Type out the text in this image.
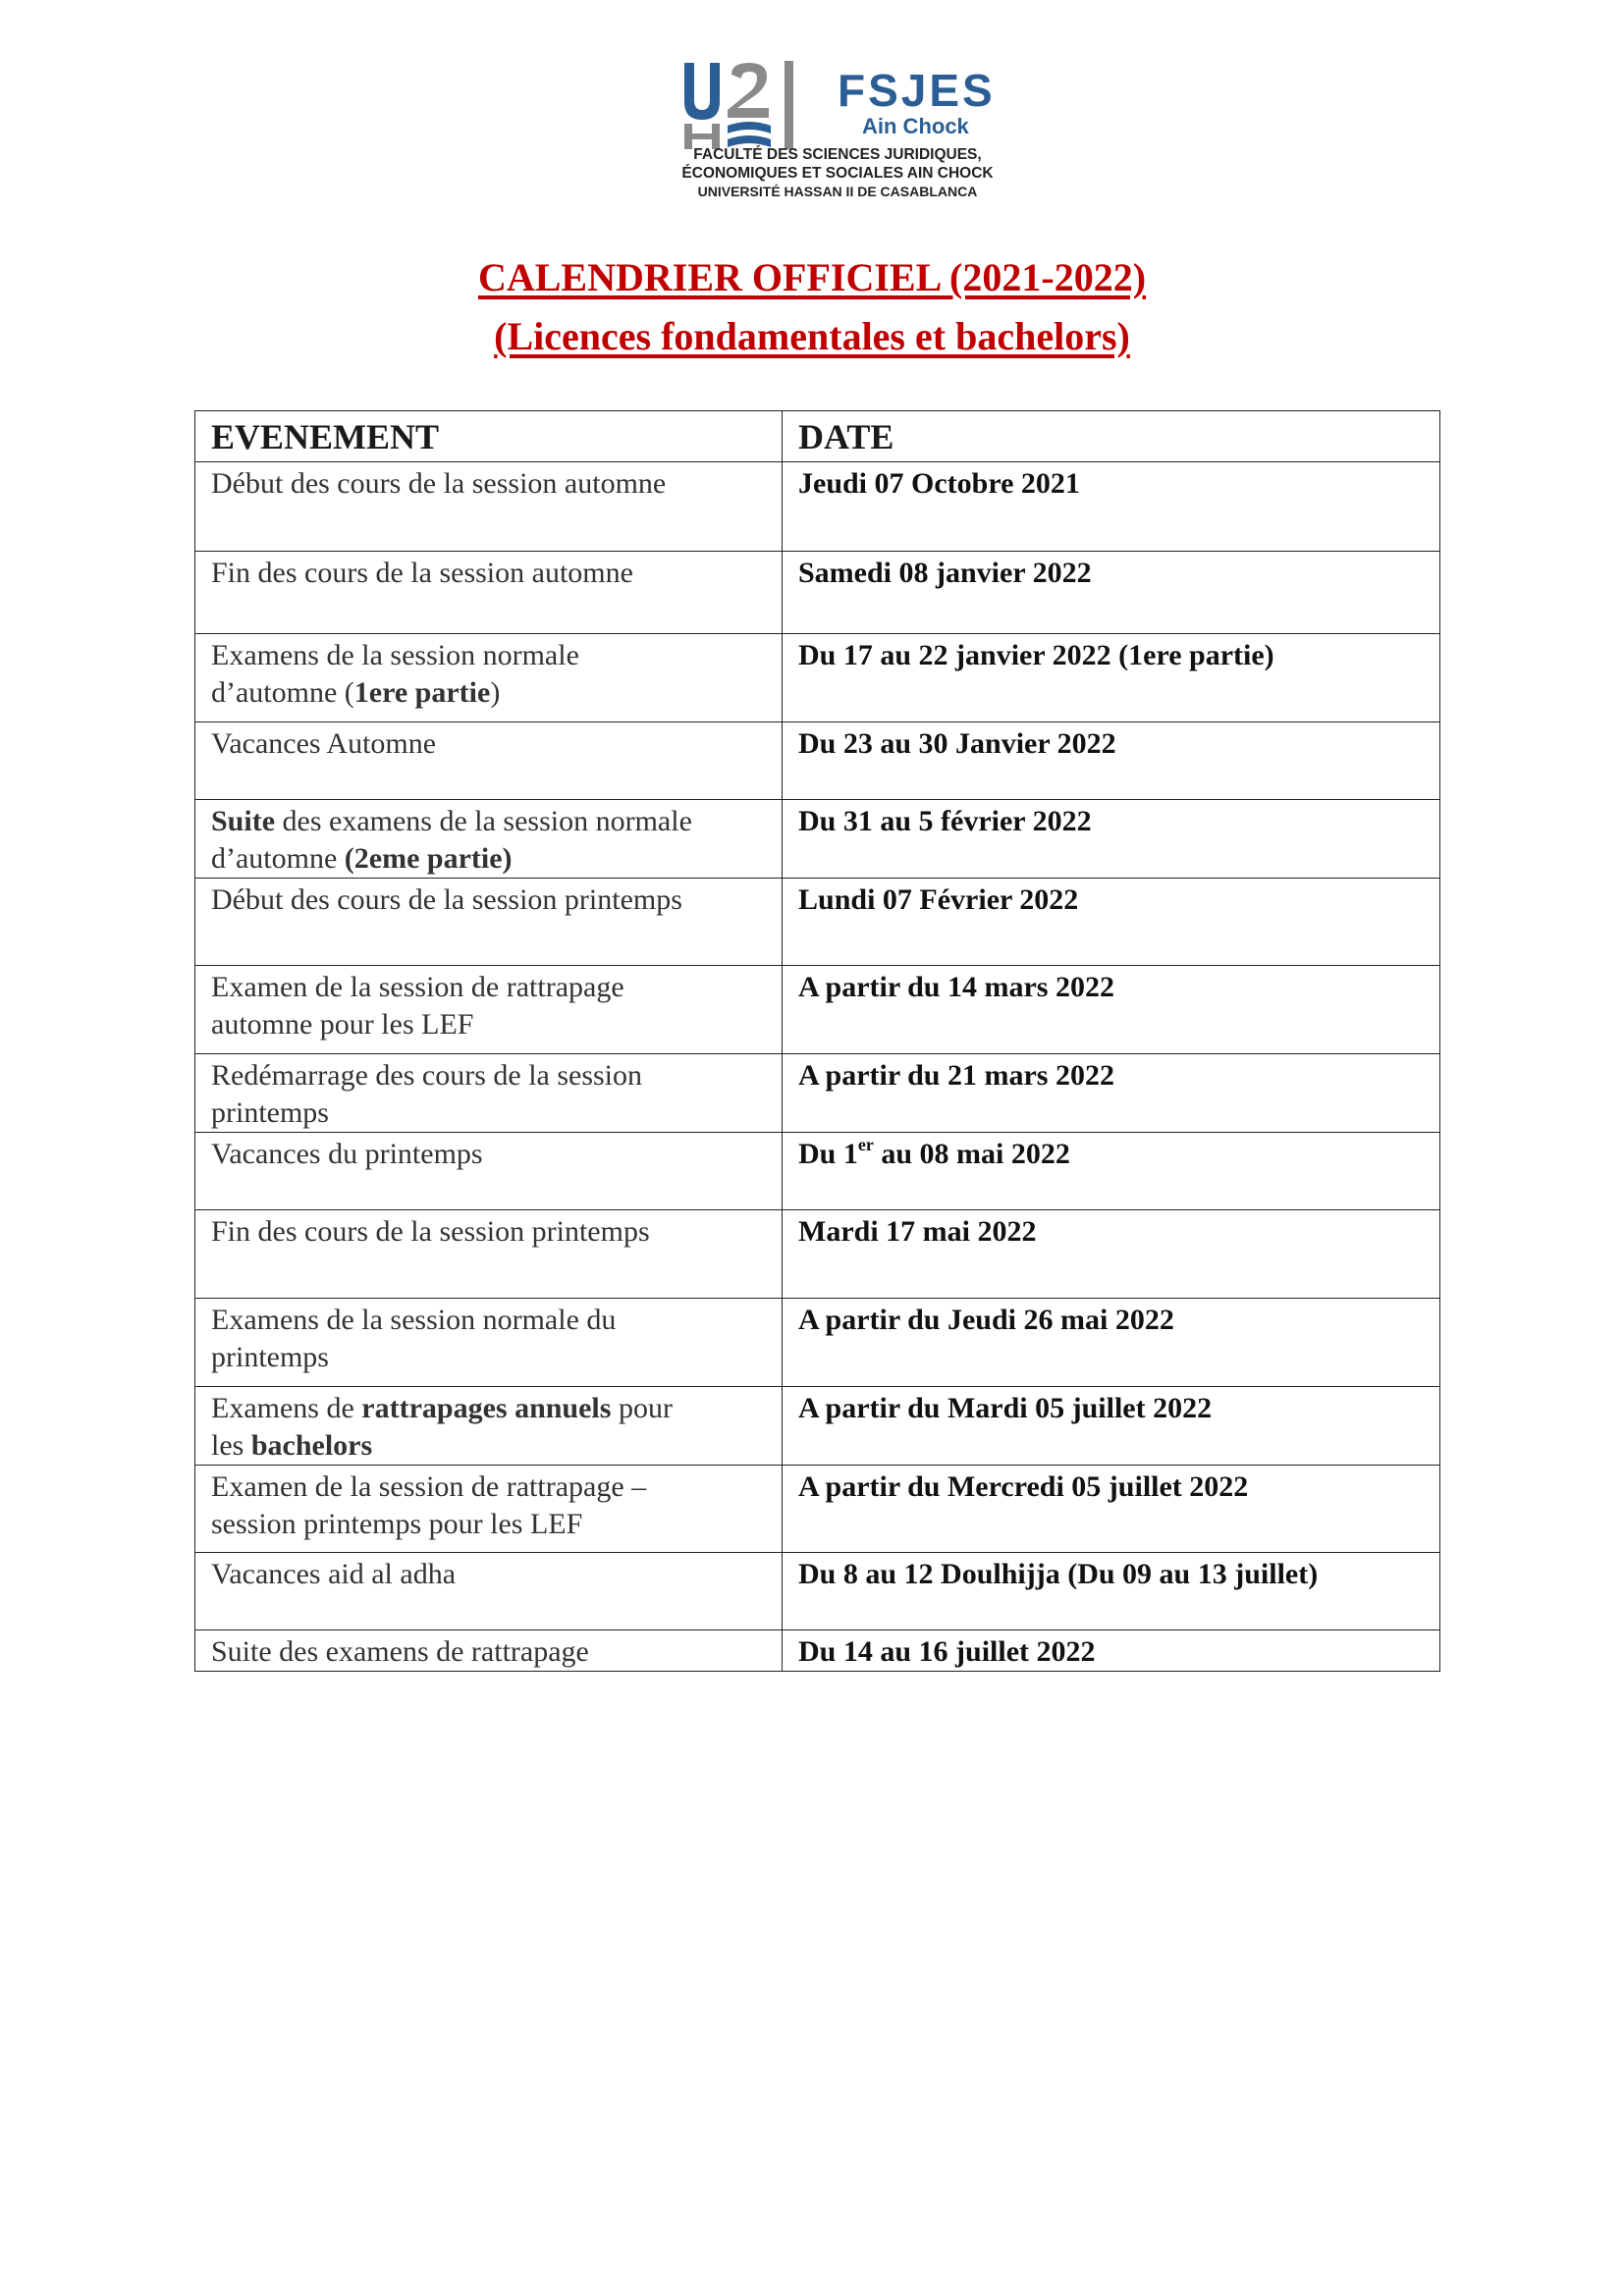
FSJES
Ain Chock
FACULTÉ DES SCIENCES JURIDIQUES,
ÉCONOMIQUES ET SOCIALES AIN CHOCK
UNIVERSITÉ HASSAN II DE CASABLANCA
CALENDRIER OFFICIEL (2021-2022)
(Licences fondamentales et bachelors)
EVENEMENT	DATE
Début des cours de la session automne	Jeudi 07 Octobre 2021
Fin des cours de la session automne	Samedi 08 janvier 2022
Examens de la session normale
d’automne (1ere partie)	Du 17 au 22 janvier 2022 (1ere partie)
Vacances Automne	Du 23 au 30 Janvier 2022
Suite des examens de la session normale
d’automne (2eme partie)	Du 31 au 5 février 2022
Début des cours de la session printemps	Lundi 07 Février 2022
Examen de la session de rattrapage
automne pour les LEF	A partir du 14 mars 2022
Redémarrage des cours de la session
printemps	A partir du 21 mars 2022
Vacances du printemps	Du 1er au 08 mai 2022
Fin des cours de la session printemps	Mardi 17 mai 2022
Examens de la session normale du
printemps	A partir du Jeudi 26 mai 2022
Examens de rattrapages annuels pour
les bachelors	A partir du Mardi 05 juillet 2022
Examen de la session de rattrapage –
session printemps pour les LEF	A partir du Mercredi 05 juillet 2022
Vacances aid al adha	Du 8 au 12 Doulhijja (Du 09 au 13 juillet)
Suite des examens de rattrapage	Du 14 au 16 juillet 2022
